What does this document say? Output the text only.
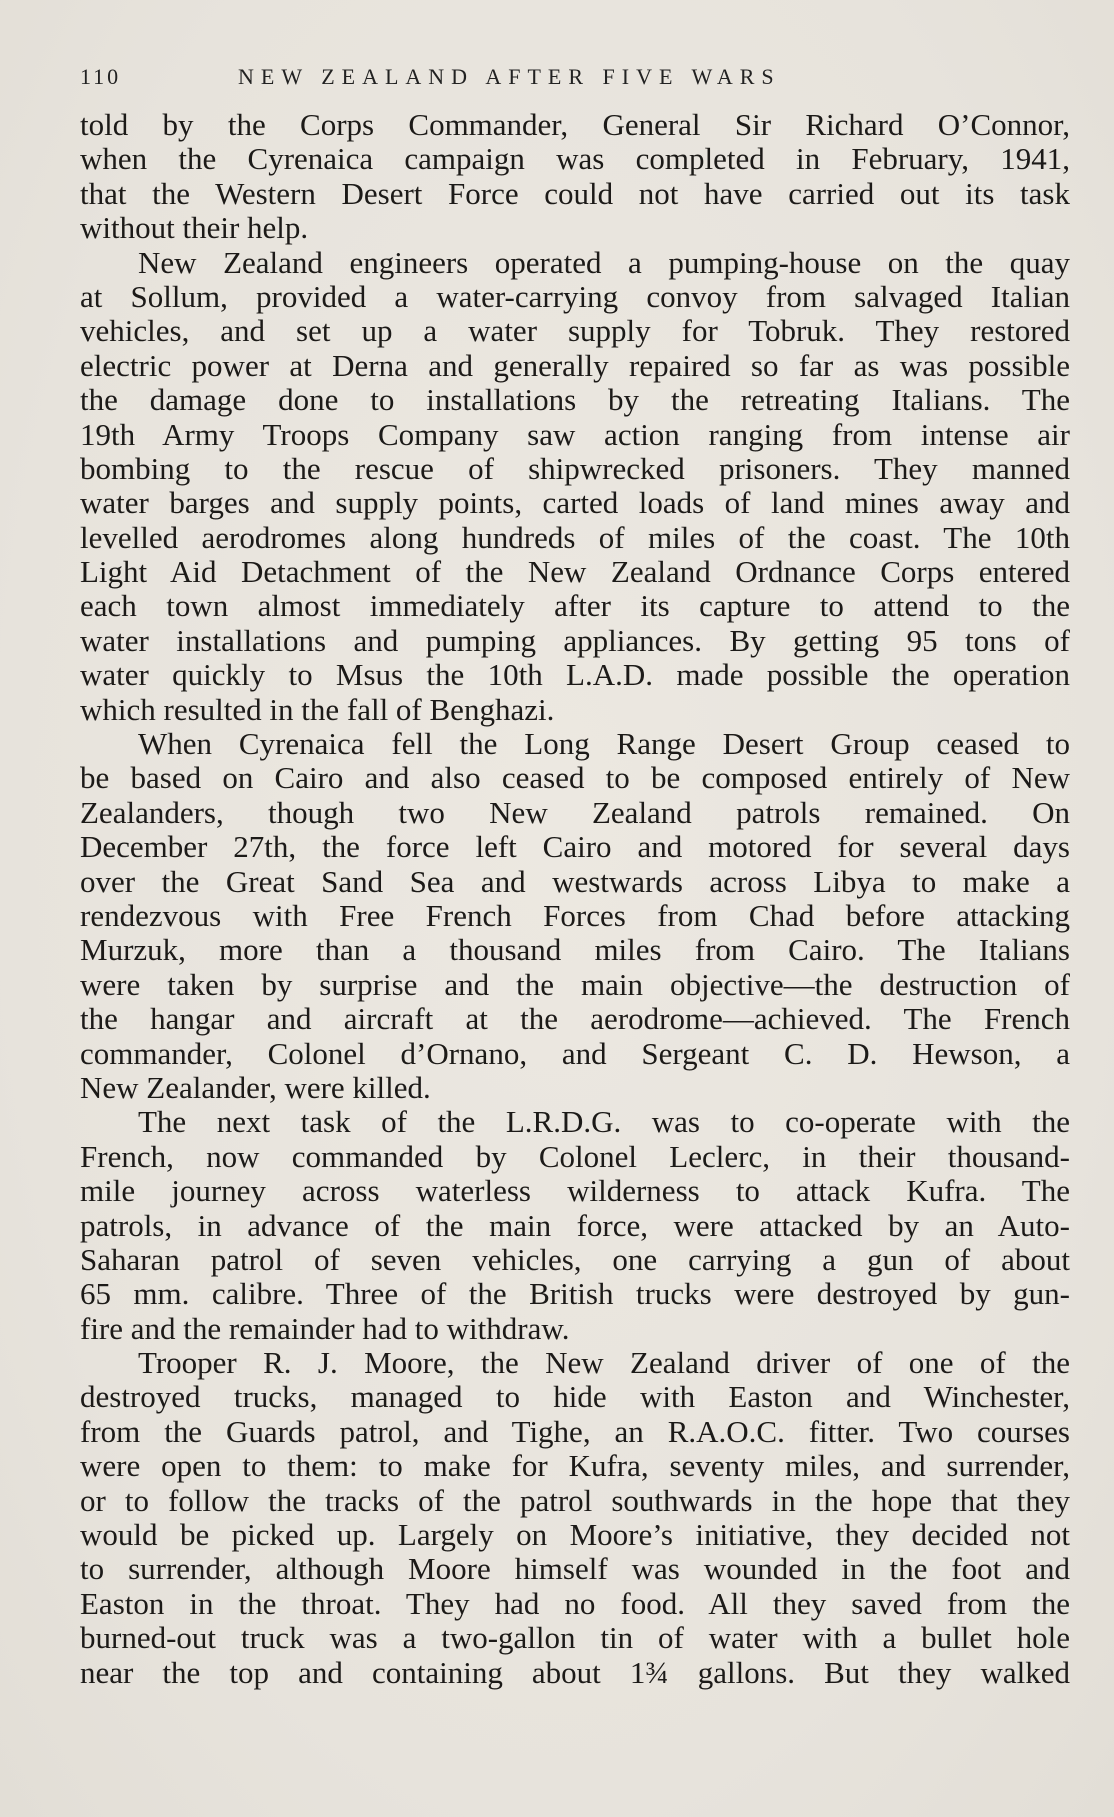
110	NEW ZEALAND AFTER FIVE WARS
told by the Corps Commander, General Sir Richard O’Connor,
when the Cyrenaica campaign was completed in February, 1941,
that the Western Desert Force could not have carried out its task
without their help.
New Zealand engineers operated a pumping-house on the quay
at Sollum, provided a water-carrying convoy from salvaged Italian
vehicles, and set up a water supply for Tobruk. They restored
electric power at Derna and generally repaired so far as was possible
the damage done to installations by the retreating Italians. The
19th Army Troops Company saw action ranging from intense air
bombing to the rescue of shipwrecked prisoners. They manned
water barges and supply points, carted loads of land mines away and
levelled aerodromes along hundreds of miles of the coast. The 10th
Light Aid Detachment of the New Zealand Ordnance Corps entered
each town almost immediately after its capture to attend to the
water installations and pumping appliances. By getting 95 tons of
water quickly to Msus the 10th L.A.D. made possible the operation
which resulted in the fall of Benghazi.
When Cyrenaica fell the Long Range Desert Group ceased to
be based on Cairo and also ceased to be composed entirely of New
Zealanders, though two New Zealand patrols remained. On
December 27th, the force left Cairo and motored for several days
over the Great Sand Sea and westwards across Libya to make a
rendezvous with Free French Forces from Chad before attacking
Murzuk, more than a thousand miles from Cairo. The Italians
were taken by surprise and the main objective—the destruction of
the hangar and aircraft at the aerodrome—achieved. The French
commander, Colonel d’Ornano, and Sergeant C. D. Hewson, a
New Zealander, were killed.
The next task of the L.R.D.G. was to co-operate with the
French, now commanded by Colonel Leclerc, in their thousand-
mile journey across waterless wilderness to attack Kufra. The
patrols, in advance of the main force, were attacked by an Auto-
Saharan patrol of seven vehicles, one carrying a gun of about
65 mm. calibre. Three of the British trucks were destroyed by gun-
fire and the remainder had to withdraw.
Trooper R. J. Moore, the New Zealand driver of one of the
destroyed trucks, managed to hide with Easton and Winchester,
from the Guards patrol, and Tighe, an R.A.O.C. fitter. Two courses
were open to them: to make for Kufra, seventy miles, and surrender,
or to follow the tracks of the patrol southwards in the hope that they
would be picked up. Largely on Moore’s initiative, they decided not
to surrender, although Moore himself was wounded in the foot and
Easton in the throat. They had no food. All they saved from the
burned-out truck was a two-gallon tin of water with a bullet hole
near the top and containing about 1¾ gallons. But they walked
